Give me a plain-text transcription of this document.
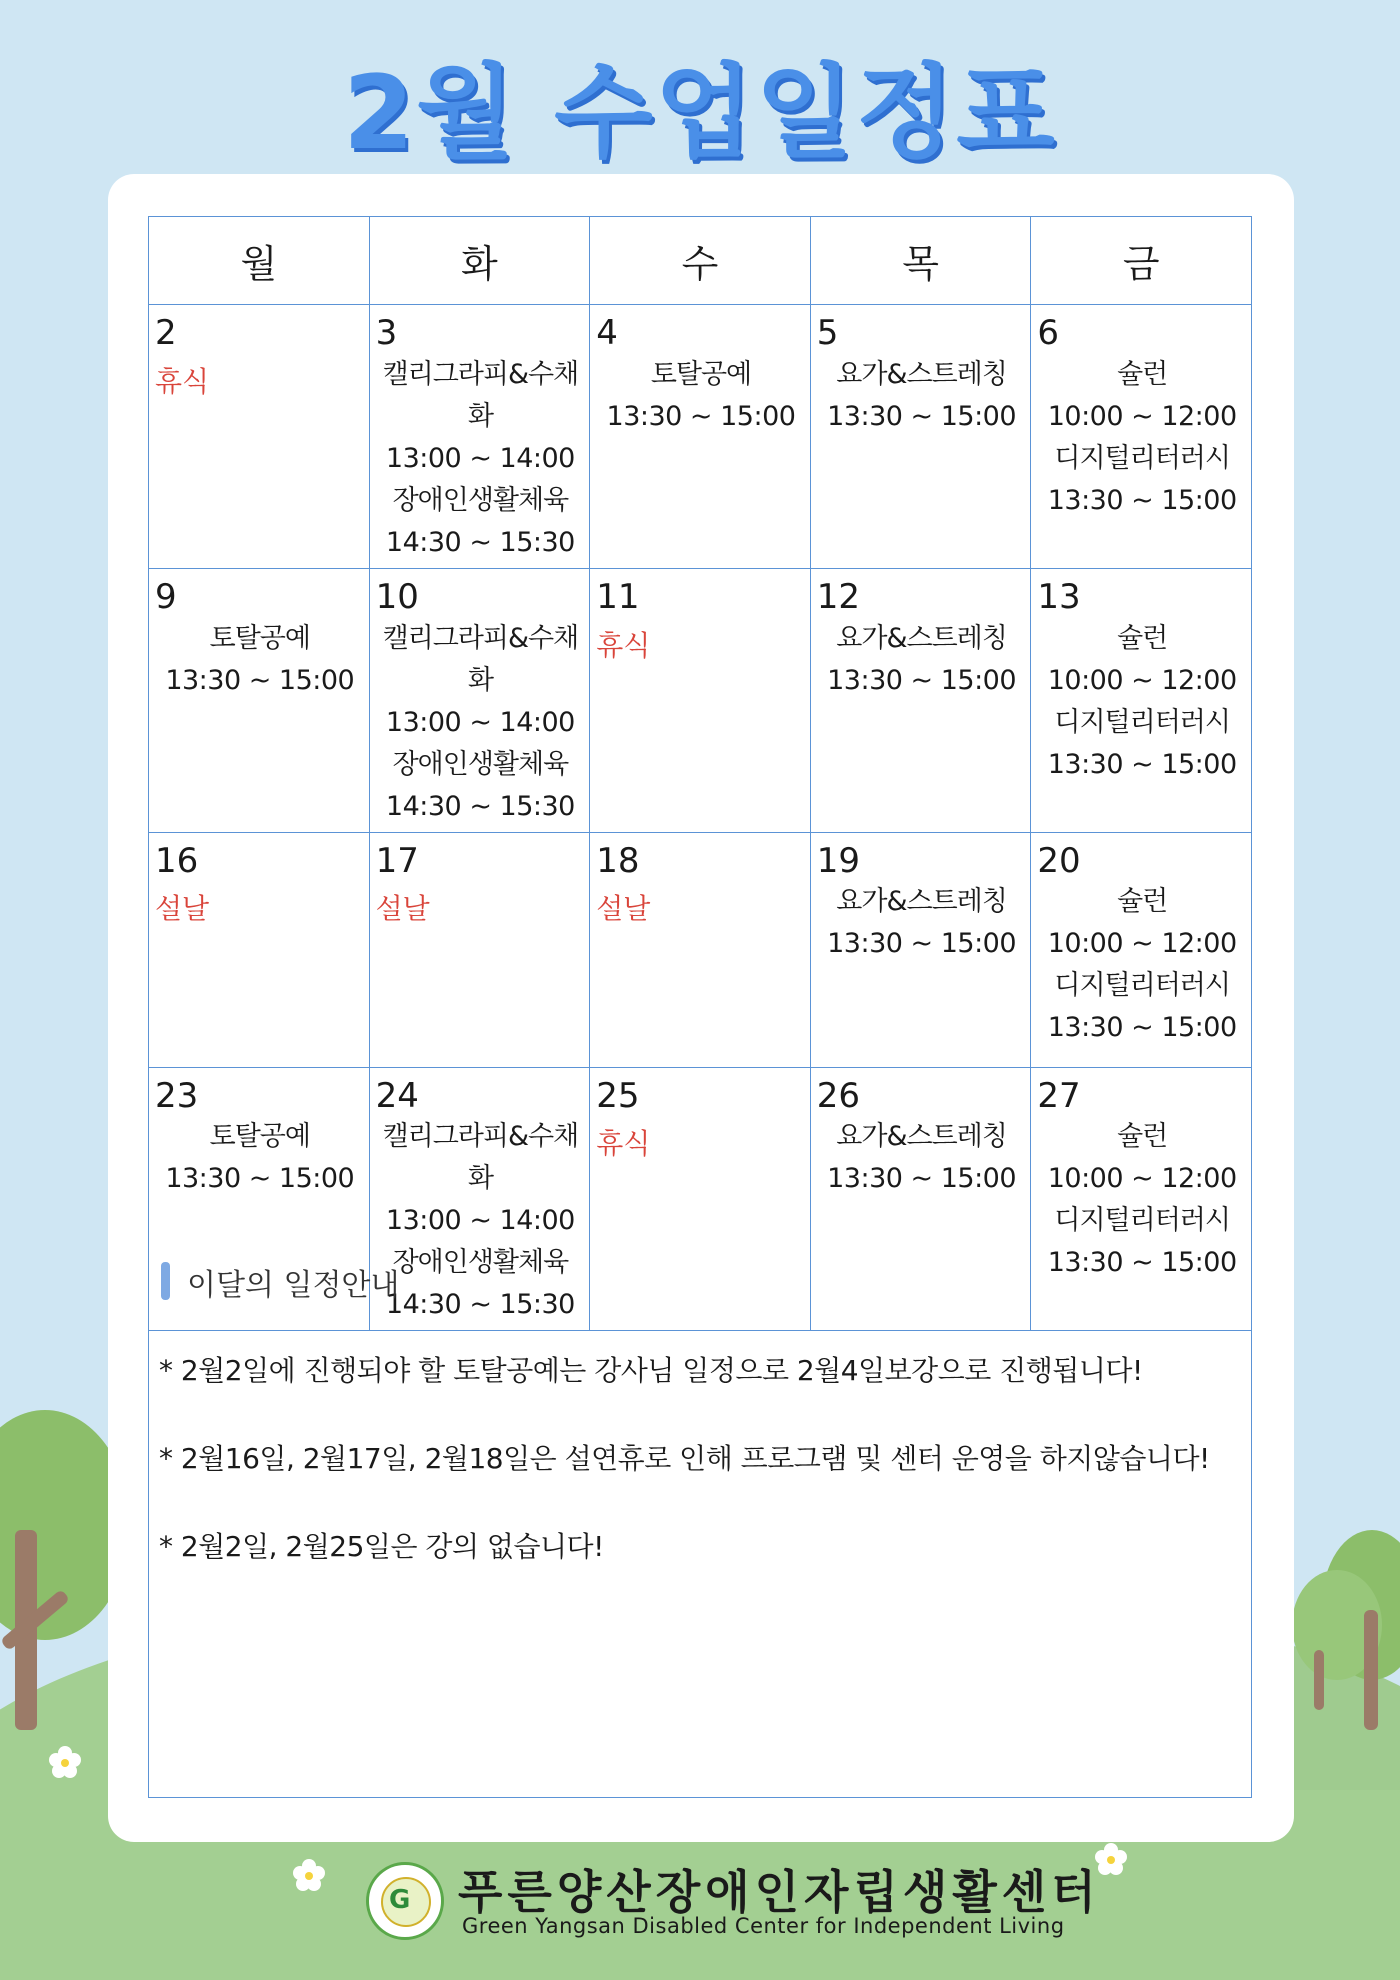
2월 수업일정표
월	화	수	목	금

2
휴식	3
캘리그라피&수채화
13:00 ~ 14:00
장애인생활체육
14:30 ~ 15:30	4
토탈공예
13:30 ~ 15:00	5
요가&스트레칭
13:30 ~ 15:00	6
슐런
10:00 ~ 12:00
디지털리터러시
13:30 ~ 15:00

9
토탈공예
13:30 ~ 15:00	10
캘리그라피&수채화
13:00 ~ 14:00
장애인생활체육
14:30 ~ 15:30	11
휴식	12
요가&스트레칭
13:30 ~ 15:00	13
슐런
10:00 ~ 12:00
디지털리터러시
13:30 ~ 15:00

16
설날	17
설날	18
설날	19
요가&스트레칭
13:30 ~ 15:00	20
슐런
10:00 ~ 12:00
디지털리터러시
13:30 ~ 15:00

23
토탈공예
13:30 ~ 15:00	24
캘리그라피&수채화
13:00 ~ 14:00
장애인생활체육
14:30 ~ 15:30	25
휴식	26
요가&스트레칭
13:30 ~ 15:00	27
슐런
10:00 ~ 12:00
디지털리터러시
13:30 ~ 15:00
이달의 일정안내
* 2월2일에 진행되야 할 토탈공예는 강사님 일정으로 2월4일보강으로 진행됩니다!
* 2월16일, 2월17일, 2월18일은 설연휴로 인해 프로그램 및 센터 운영을 하지않습니다!
* 2월2일, 2월25일은 강의 없습니다!
G 푸른양산장애인자립생활센터
Green Yangsan Disabled Center for Independent Living
